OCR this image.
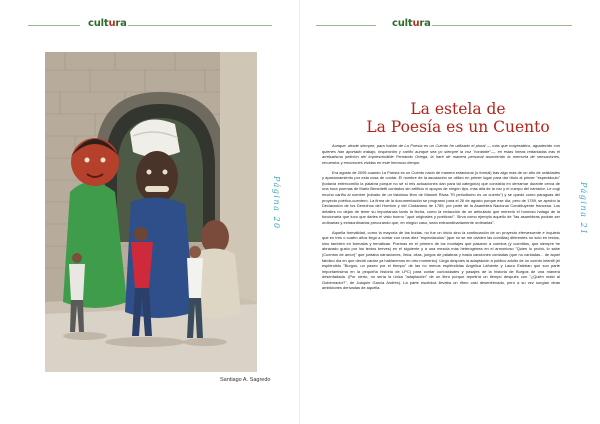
cultura
Santiago A. Sagredo
Página 20
cultura
Página 21
La estela de
La Poesía es un Cuento

Aunque, desde siempre, para hablar de La Poesía es un Cuento he utilizado el plural — más que mayestático, agradecido con quienes han aportado trabajo, inspiración y cariño aunque sea yo siempre la voz "contante"—, en estas líneas redactadas tras el arrebatisma petición del imprescindible Fernando Ortega, la haré de manera personal asumiendo la memoria de sensaciones, recuerdos y emociones vividas en este hermoso tiempo.

Era agosto de 2005 cuando La Poesía es un Cuento nació de manera estacional (o formal) tras algo más de un año de oralidades y apasionamiento por esta cosa de contar. El nombre de la asociación se utilizó en primer lugar para dar título al primer "espectáculo" (todavía entrecomillo la palabra porque no sé si mis actuaciones dan para tal categoría) que consistía en derramar durante cerca de una hora poemas de Mario Benedetti contados sin artificio ni apoyos de ningún tipo, más allá de la voz y el cuerpo del narrador. Le cogí mucho cariño al nombre (robado de un fabuloso libro de Manuel Rivas "El periodismo es un cuento") y se quedó como paraguas del proyecto poético-cuentero. La firma de la documentación se programó para el 26 de agosto porque ese día, pero de 1789, se aprobó la Declaración de los Derechos del Hombre y del Ciudadano de 1789, por parte de la Asamblea Nacional Constituyente francesa. Los detalles no dejan de tener su importancia tanto la fecha, como la redacción de un articulado que mereció el honroso halago de la funcionaria que tuvo que darles el visto bueno "¡qué originales y poéticos!". Sirva como ejemplo aquello de "las asambleas podrán ser ordinarias y extraordinarias precurando que, en ningún caso, sean extraordinariamente ordinarias".

Aquella formalidad, como la mayoría de las bodas, no fue un inicio sino la continuación de un proyecto efervescente e inquieto que en tres o cuatro años llegó a contar con unos diez "espectáculos" (que no se me olviden las comillas) diferentes no solo en textos, sino también en formatos y temáticas. Poemas en el primero de los montajes que pasaron a cuentos (y cuentitos, que siempre he abrazado gusto por los textos breves) en el siguiente y a una mezcla más heterogénea en el armonioso "Quien lo probó, lo sabe (Cuentos de amor)" que juntaba narraciones, lírica, citas, juegos de palabras y hasta canciones contadas (que no cantadas... de aquel fatídico día en que decidí cantar ya hablaremos en otro momento). Llegó después la adaptación a público adulto de un cuento infantil (el espléndido "Burgos, un paseo por el tiempo" de las no menos espléndidas Angélica Lafuente y Laura Esteban que son parte importantísima en la pequeña historia de LPC) para contar curiosidades y pasajes de la historia de Burgos de una manera desenfadada. (Por cierto, no sería la única "adaptación" de un libro porque repetiría un tiempo después con "¿Quién mató al Gobernador?", de Joaquín García Andrés). La parte escénica llevaba un ritmo casi desenfrenado, pero a su vez surgían otras ambiciones derivadas de aquella.
